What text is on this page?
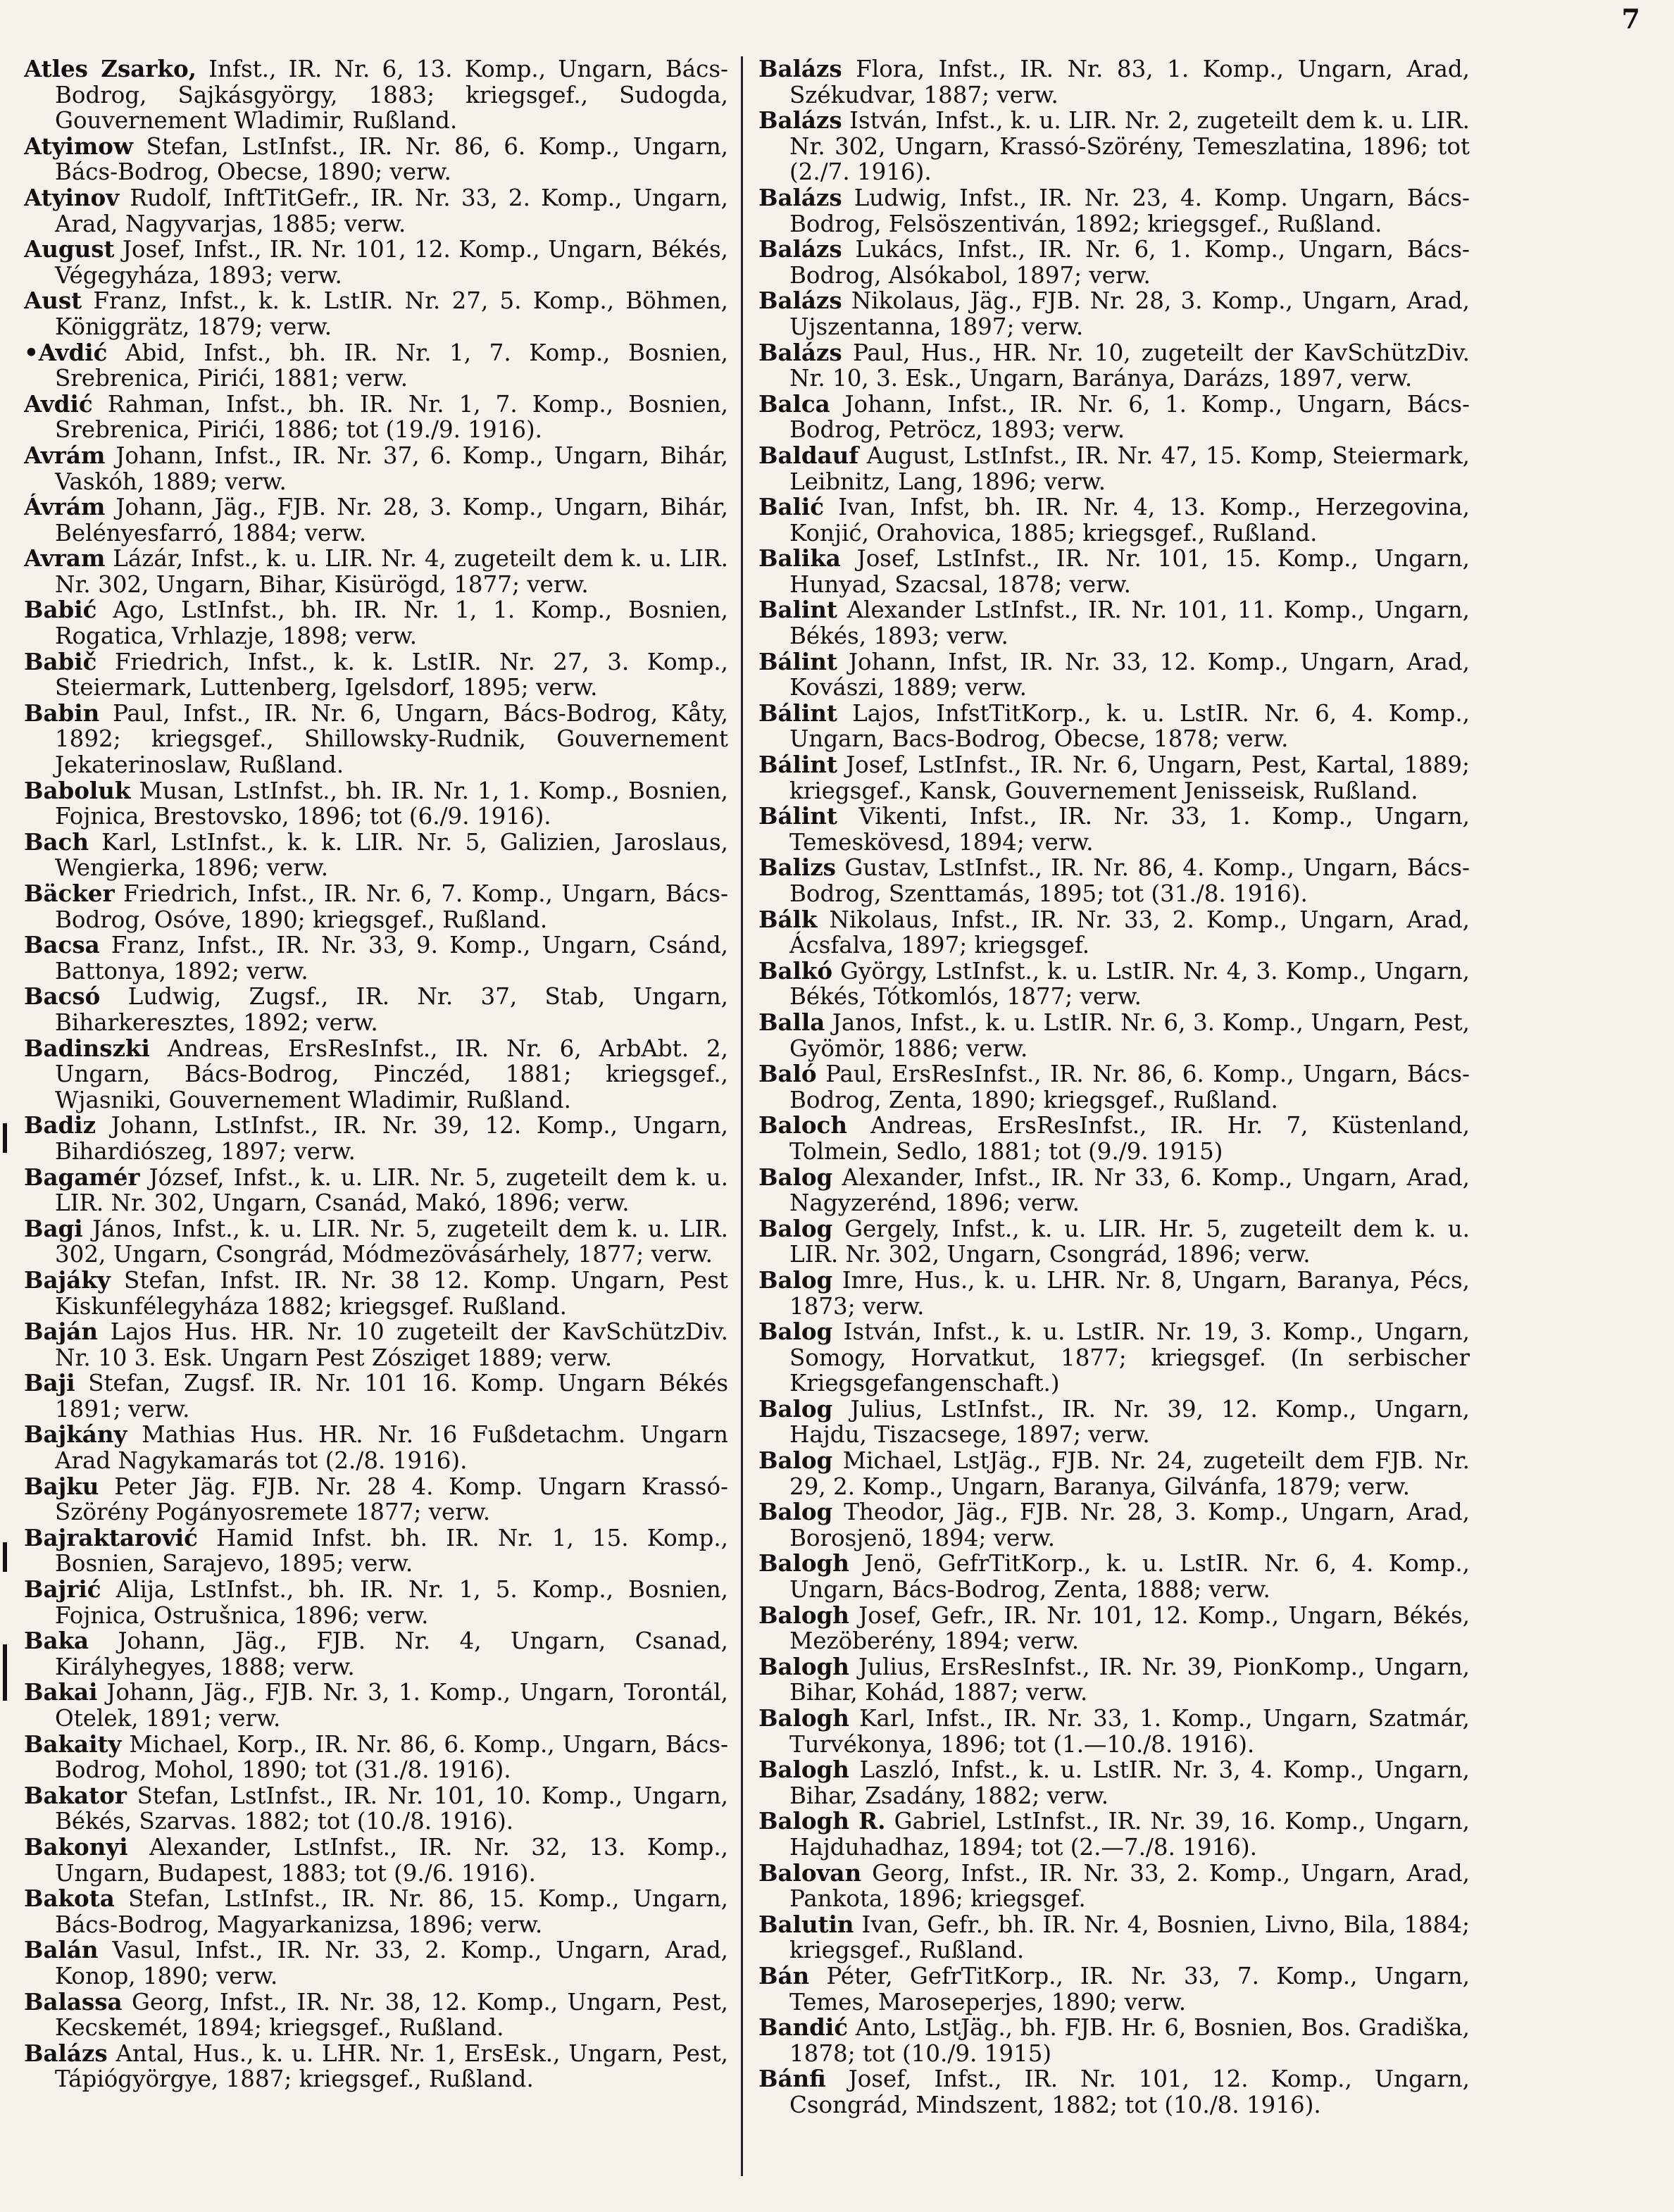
7

Atles Zsarko, Infst., IR. Nr. 6, 13. Komp., Ungarn, Bács-Bodrog, Sajkásgyörgy, 1883; kriegsgef., Sudogda, Gouvernement Wladimir, Rußland.

Atyimow Stefan, LstInfst., IR. Nr. 86, 6. Komp., Ungarn, Bács-Bodrog, Obecse, 1890; verw.

Atyinov Rudolf, InftTitGefr., IR. Nr. 33, 2. Komp., Ungarn, Arad, Nagyvarjas, 1885; verw.

August Josef, Infst., IR. Nr. 101, 12. Komp., Ungarn, Békés, Végegyháza, 1893; verw.

Aust Franz, Infst., k. k. LstIR. Nr. 27, 5. Komp., Böhmen, Königgrätz, 1879; verw.

•Avdić Abid, Infst., bh. IR. Nr. 1, 7. Komp., Bosnien, Srebrenica, Pirići, 1881; verw.

Avdić Rahman, Infst., bh. IR. Nr. 1, 7. Komp., Bosnien, Srebrenica, Pirići, 1886; tot (19./9. 1916).

Avrám Johann, Infst., IR. Nr. 37, 6. Komp., Ungarn, Bihár, Vaskóh, 1889; verw.

Ávrám Johann, Jäg., FJB. Nr. 28, 3. Komp., Ungarn, Bihár, Belényesfarró, 1884; verw.

Avram Lázár, Infst., k. u. LIR. Nr. 4, zugeteilt dem k. u. LIR. Nr. 302, Ungarn, Bihar, Kisürögd, 1877; verw.

Babić Ago, LstInfst., bh. IR. Nr. 1, 1. Komp., Bosnien, Rogatica, Vrhlazje, 1898; verw.

Babič Friedrich, Infst., k. k. LstIR. Nr. 27, 3. Komp., Steiermark, Luttenberg, Igelsdorf, 1895; verw.

Babin Paul, Infst., IR. Nr. 6, Ungarn, Bács-Bodrog, Kåty, 1892; kriegsgef., Shillowsky-Rudnik, Gouvernement Jekaterinoslaw, Rußland.

Baboluk Musan, LstInfst., bh. IR. Nr. 1, 1. Komp., Bosnien, Fojnica, Brestovsko, 1896; tot (6./9. 1916).

Bach Karl, LstInfst., k. k. LIR. Nr. 5, Galizien, Jaroslaus, Wengierka, 1896; verw.

Bäcker Friedrich, Infst., IR. Nr. 6, 7. Komp., Ungarn, Bács-Bodrog, Osóve, 1890; kriegsgef., Rußland.

Bacsa Franz, Infst., IR. Nr. 33, 9. Komp., Ungarn, Csánd, Battonya, 1892; verw.

Bacsó Ludwig, Zugsf., IR. Nr. 37, Stab, Ungarn, Biharkeresztes, 1892; verw.

Badinszki Andreas, ErsResInfst., IR. Nr. 6, ArbAbt. 2, Ungarn, Bács-Bodrog, Pinczéd, 1881; kriegsgef., Wjasniki, Gouvernement Wladimir, Rußland.

Badiz Johann, LstInfst., IR. Nr. 39, 12. Komp., Ungarn, Bihardiószeg, 1897; verw.

Bagamér József, Infst., k. u. LIR. Nr. 5, zugeteilt dem k. u. LIR. Nr. 302, Ungarn, Csanád, Makó, 1896; verw.

Bagi János, Infst., k. u. LIR. Nr. 5, zugeteilt dem k. u. LIR. 302, Ungarn, Csongrád, Módmezövásárhely, 1877; verw.

Bajáky Stefan, Infst. IR. Nr. 38 12. Komp. Ungarn, Pest Kiskunfélegyháza 1882; kriegsgef. Rußland.

Baján Lajos Hus. HR. Nr. 10 zugeteilt der KavSchützDiv. Nr. 10 3. Esk. Ungarn Pest Zósziget 1889; verw.

Baji Stefan, Zugsf. IR. Nr. 101 16. Komp. Ungarn Békés 1891; verw.

Bajkány Mathias Hus. HR. Nr. 16 Fußdetachm. Ungarn Arad Nagykamarás tot (2./8. 1916).

Bajku Peter Jäg. FJB. Nr. 28 4. Komp. Ungarn Krassó-Szörény Pogányosremete 1877; verw.

Bajraktarović Hamid Infst. bh. IR. Nr. 1, 15. Komp., Bosnien, Sarajevo, 1895; verw.

Bajrić Alija, LstInfst., bh. IR. Nr. 1, 5. Komp., Bosnien, Fojnica, Ostrušnica, 1896; verw.

Baka Johann, Jäg., FJB. Nr. 4, Ungarn, Csanad, Királyhegyes, 1888; verw.

Bakai Johann, Jäg., FJB. Nr. 3, 1. Komp., Ungarn, Torontál, Otelek, 1891; verw.

Bakaity Michael, Korp., IR. Nr. 86, 6. Komp., Ungarn, Bács-Bodrog, Mohol, 1890; tot (31./8. 1916).

Bakator Stefan, LstInfst., IR. Nr. 101, 10. Komp., Ungarn, Békés, Szarvas. 1882; tot (10./8. 1916).

Bakonyi Alexander, LstInfst., IR. Nr. 32, 13. Komp., Ungarn, Budapest, 1883; tot (9./6. 1916).

Bakota Stefan, LstInfst., IR. Nr. 86, 15. Komp., Ungarn, Bács-Bodrog, Magyarkanizsa, 1896; verw.

Balán Vasul, Infst., IR. Nr. 33, 2. Komp., Ungarn, Arad, Konop, 1890; verw.

Balassa Georg, Infst., IR. Nr. 38, 12. Komp., Ungarn, Pest, Kecskemét, 1894; kriegsgef., Rußland.

Balázs Antal, Hus., k. u. LHR. Nr. 1, ErsEsk., Ungarn, Pest, Tápiógyörgye, 1887; kriegsgef., Rußland.

Balázs Flora, Infst., IR. Nr. 83, 1. Komp., Ungarn, Arad, Székudvar, 1887; verw.

Balázs István, Infst., k. u. LIR. Nr. 2, zugeteilt dem k. u. LIR. Nr. 302, Ungarn, Krassó-Szörény, Temeszlatina, 1896; tot (2./7. 1916).

Balázs Ludwig, Infst., IR. Nr. 23, 4. Komp. Ungarn, Bács-Bodrog, Felsöszentiván, 1892; kriegsgef., Rußland.

Balázs Lukács, Infst., IR. Nr. 6, 1. Komp., Ungarn, Bács-Bodrog, Alsókabol, 1897; verw.

Balázs Nikolaus, Jäg., FJB. Nr. 28, 3. Komp., Ungarn, Arad, Ujszentanna, 1897; verw.

Balázs Paul, Hus., HR. Nr. 10, zugeteilt der KavSchützDiv. Nr. 10, 3. Esk., Ungarn, Baránya, Darázs, 1897, verw.

Balca Johann, Infst., IR. Nr. 6, 1. Komp., Ungarn, Bács-Bodrog, Petröcz, 1893; verw.

Baldauf August, LstInfst., IR. Nr. 47, 15. Komp, Steiermark, Leibnitz, Lang, 1896; verw.

Balić Ivan, Infst, bh. IR. Nr. 4, 13. Komp., Herzegovina, Konjić, Orahovica, 1885; kriegsgef., Rußland.

Balika Josef, LstInfst., IR. Nr. 101, 15. Komp., Ungarn, Hunyad, Szacsal, 1878; verw.

Balint Alexander LstInfst., IR. Nr. 101, 11. Komp., Ungarn, Békés, 1893; verw.

Bálint Johann, Infst, IR. Nr. 33, 12. Komp., Ungarn, Arad, Kovászi, 1889; verw.

Bálint Lajos, InfstTitKorp., k. u. LstIR. Nr. 6, 4. Komp., Ungarn, Bacs-Bodrog, Obecse, 1878; verw.

Bálint Josef, LstInfst., IR. Nr. 6, Ungarn, Pest, Kartal, 1889; kriegsgef., Kansk, Gouvernement Jenisseisk, Rußland.

Bálint Vikenti, Infst., IR. Nr. 33, 1. Komp., Ungarn, Temeskövesd, 1894; verw.

Balizs Gustav, LstInfst., IR. Nr. 86, 4. Komp., Ungarn, Bács-Bodrog, Szenttamás, 1895; tot (31./8. 1916).

Bálk Nikolaus, Infst., IR. Nr. 33, 2. Komp., Ungarn, Arad, Ácsfalva, 1897; kriegsgef.

Balkó György, LstInfst., k. u. LstIR. Nr. 4, 3. Komp., Ungarn, Békés, Tótkomlós, 1877; verw.

Balla Janos, Infst., k. u. LstIR. Nr. 6, 3. Komp., Ungarn, Pest, Gyömör, 1886; verw.

Baló Paul, ErsResInfst., IR. Nr. 86, 6. Komp., Ungarn, Bács-Bodrog, Zenta, 1890; kriegsgef., Rußland.

Baloch Andreas, ErsResInfst., IR. Hr. 7, Küstenland, Tolmein, Sedlo, 1881; tot (9./9. 1915)

Balog Alexander, Infst., IR. Nr 33, 6. Komp., Ungarn, Arad, Nagyzerénd, 1896; verw.

Balog Gergely, Infst., k. u. LIR. Hr. 5, zugeteilt dem k. u. LIR. Nr. 302, Ungarn, Csongrád, 1896; verw.

Balog Imre, Hus., k. u. LHR. Nr. 8, Ungarn, Baranya, Pécs, 1873; verw.

Balog István, Infst., k. u. LstIR. Nr. 19, 3. Komp., Ungarn, Somogy, Horvatkut, 1877; kriegsgef. (In serbischer Kriegsgefangenschaft.)

Balog Julius, LstInfst., IR. Nr. 39, 12. Komp., Ungarn, Hajdu, Tiszacsege, 1897; verw.

Balog Michael, LstJäg., FJB. Nr. 24, zugeteilt dem FJB. Nr. 29, 2. Komp., Ungarn, Baranya, Gilvánfa, 1879; verw.

Balog Theodor, Jäg., FJB. Nr. 28, 3. Komp., Ungarn, Arad, Borosjenö, 1894; verw.

Balogh Jenö, GefrTitKorp., k. u. LstIR. Nr. 6, 4. Komp., Ungarn, Bács-Bodrog, Zenta, 1888; verw.

Balogh Josef, Gefr., IR. Nr. 101, 12. Komp., Ungarn, Békés, Mezöberény, 1894; verw.

Balogh Julius, ErsResInfst., IR. Nr. 39, PionKomp., Ungarn, Bihar, Kohád, 1887; verw.

Balogh Karl, Infst., IR. Nr. 33, 1. Komp., Ungarn, Szatmár, Turvékonya, 1896; tot (1.—10./8. 1916).

Balogh Laszló, Infst., k. u. LstIR. Nr. 3, 4. Komp., Ungarn, Bihar, Zsadány, 1882; verw.

Balogh R. Gabriel, LstInfst., IR. Nr. 39, 16. Komp., Ungarn, Hajduhadhaz, 1894; tot (2.—7./8. 1916).

Balovan Georg, Infst., IR. Nr. 33, 2. Komp., Ungarn, Arad, Pankota, 1896; kriegsgef.

Balutin Ivan, Gefr., bh. IR. Nr. 4, Bosnien, Livno, Bila, 1884; kriegsgef., Rußland.

Bán Péter, GefrTitKorp., IR. Nr. 33, 7. Komp., Ungarn, Temes, Maroseperjes, 1890; verw.

Bandić Anto, LstJäg., bh. FJB. Hr. 6, Bosnien, Bos. Gradiška, 1878; tot (10./9. 1915)

Bánfi Josef, Infst., IR. Nr. 101, 12. Komp., Ungarn, Csongrád, Mindszent, 1882; tot (10./8. 1916).
